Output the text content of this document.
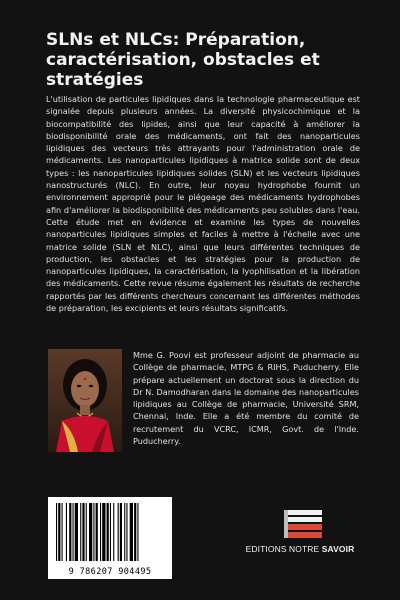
SLNs et NLCs: Préparation, caractérisation, obstacles et stratégies

L'utilisation de particules lipidiques dans la technologie pharmaceutique est signalée depuis plusieurs années. La diversité physicochimique et la biocompatibilité des lipides, ainsi que leur capacité à améliorer la biodisponibilité orale des médicaments, ont fait des nanoparticules lipidiques des vecteurs très attrayants pour l'administration orale de médicaments. Les nanoparticules lipidiques à matrice solide sont de deux types : les nanoparticules lipidiques solides (SLN) et les vecteurs lipidiques nanostructurés (NLC). En outre, leur noyau hydrophobe fournit un environnement approprié pour le piégeage des médicaments hydrophobes afin d'améliorer la biodisponibilité des médicaments peu solubles dans l'eau. Cette étude met en évidence et examine les types de nouvelles nanoparticules lipidiques simples et faciles à mettre à l'échelle avec une matrice solide (SLN et NLC), ainsi que leurs différentes techniques de production, les obstacles et les stratégies pour la production de nanoparticules lipidiques, la caractérisation, la lyophilisation et la libération des médicaments. Cette revue résume également les résultats de recherche rapportés par les différents chercheurs concernant les différentes méthodes de préparation, les excipients et leurs résultats significatifs.

Mme G. Poovi est professeur adjoint de pharmacie au Collège de pharmacie, MTPG & RIHS, Puducherry. Elle prépare actuellement un doctorat sous la direction du Dr N. Damodharan dans le domaine des nanoparticules lipidiques au Collège de pharmacie, Université SRM, Chennai, Inde. Elle a été membre du comité de recrutement du VCRC, ICMR, Govt. de l'Inde. Puducherry.

9 786207 904495
EDITIONS NOTRE SAVOIR
